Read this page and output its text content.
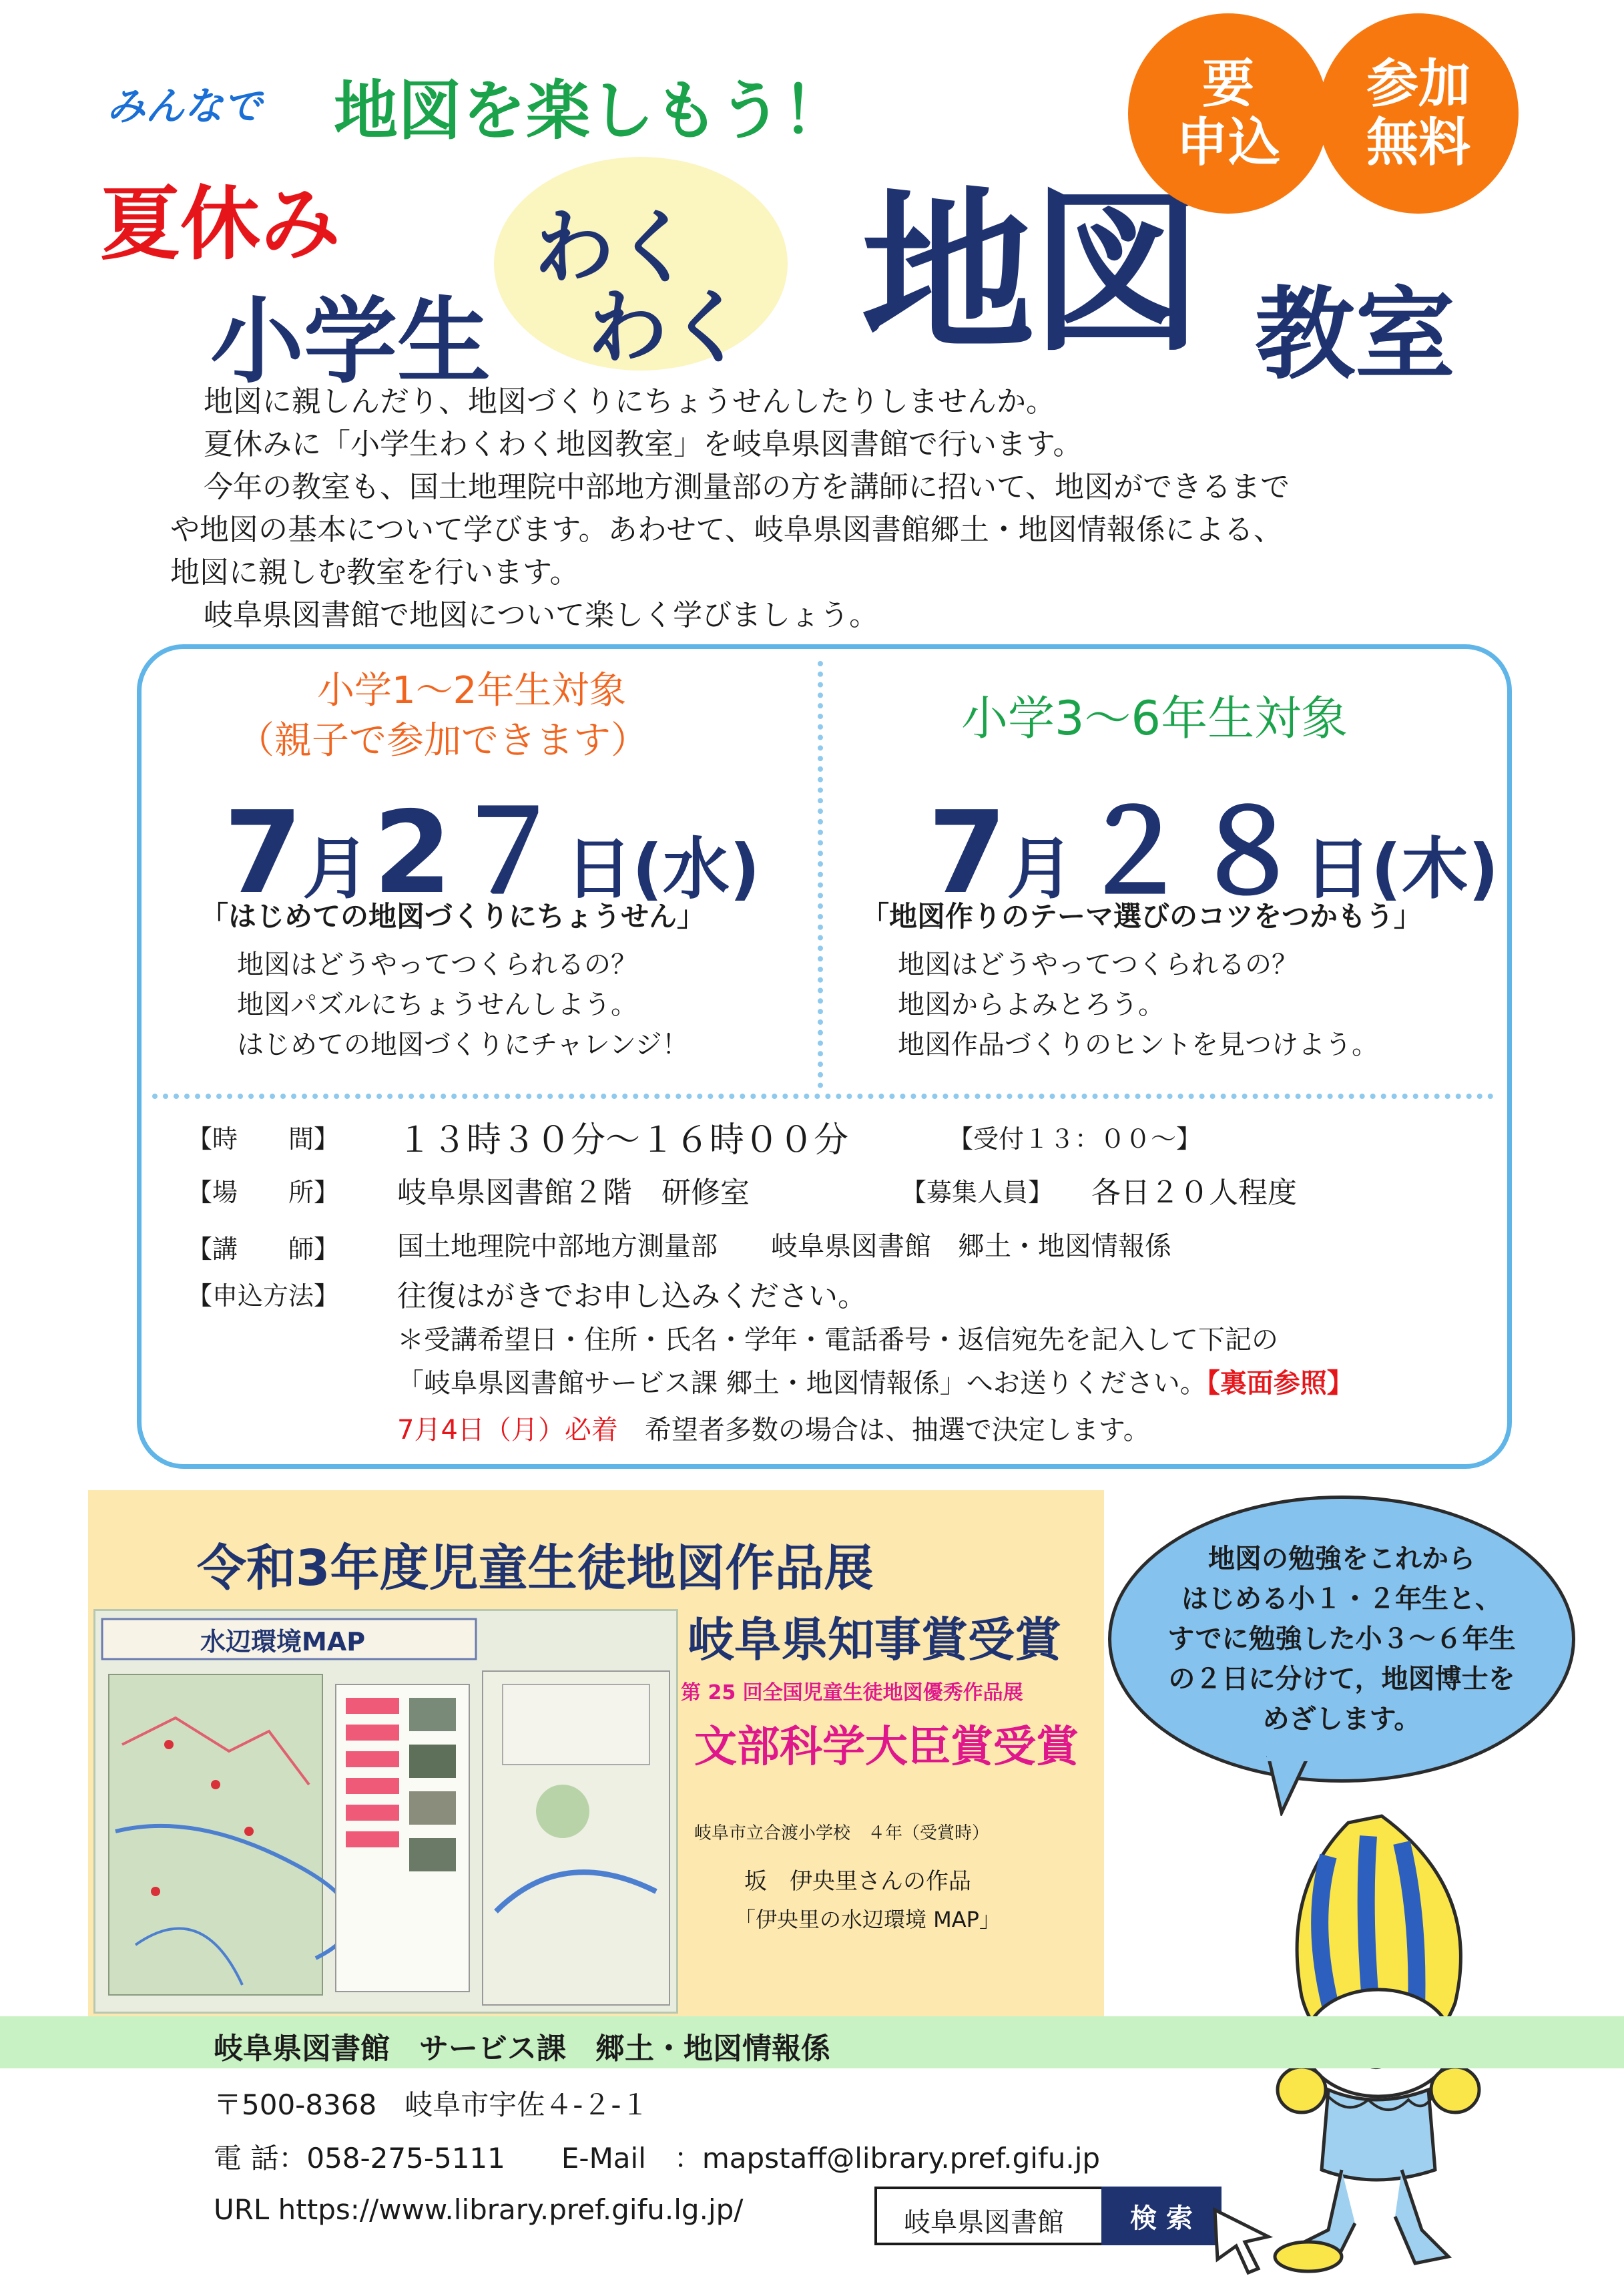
みんなで 地図を楽しもう！
夏休み
小学生
わく
わく 地図 教室
要
申込
参加
無料

地図に親しんだり、地図づくりにちょうせんしたりしませんか。

夏休みに「小学生わくわく地図教室」を岐阜県図書館で行います。

今年の教室も、国土地理院中部地方測量部の方を講師に招いて、地図ができるまで

や地図の基本について学びます。あわせて、岐阜県図書館郷土・地図情報係による、

地図に親しむ教室を行います。

岐阜県図書館で地図について楽しく学びましょう。

小学1～2年生対象
（親子で参加できます）
7月 2７日(水)
「はじめての地図づくりにちょうせん」
地図はどうやってつくられるの？
地図パズルにちょうせんしよう。
はじめての地図づくりにチャレンジ！
小学3～6年生対象
7月 ２８日(木)
「地図作りのテーマ選びのコツをつかもう」
地図はどうやってつくられるの？
地図からよみとろう。
地図作品づくりのヒントを見つけよう。
【時　　間】 １３時３０分～１６時００分	【受付１３：００～】
【場　　所】 岐阜県図書館２階　研修室	【募集人員】 各日２０人程度
【講　　師】 国土地理院中部地方測量部　　岐阜県図書館　郷土・地図情報係
【申込方法】 往復はがきでお申し込みください。
＊受講希望日・住所・氏名・学年・電話番号・返信宛先を記入して下記の
「岐阜県図書館サービス課 郷土・地図情報係」へお送りください。【裏面参照】
7月4日（月）必着　 希望者多数の場合は、抽選で決定します。
令和3年度児童生徒地図作品展
水辺環境MAP	岐阜県知事賞受賞
第 25 回全国児童生徒地図優秀作品展
文部科学大臣賞受賞
岐阜市立合渡小学校　４年（受賞時）
坂　伊央里さんの作品
「伊央里の水辺環境 MAP」
地図の勉強をこれから
はじめる小１・２年生と、
すでに勉強した小３～６年生
の２日に分けて，地図博士を
めざします。
岐阜県図書館　サービス課　郷土・地図情報係
〒500-8368　岐阜市宇佐４-２-１
電 話：058-275-5111　　E-Mail　：mapstaff@library.pref.gifu.jp
URL https://www.library.pref.gifu.lg.jp/	岐阜県図書館	検 索
